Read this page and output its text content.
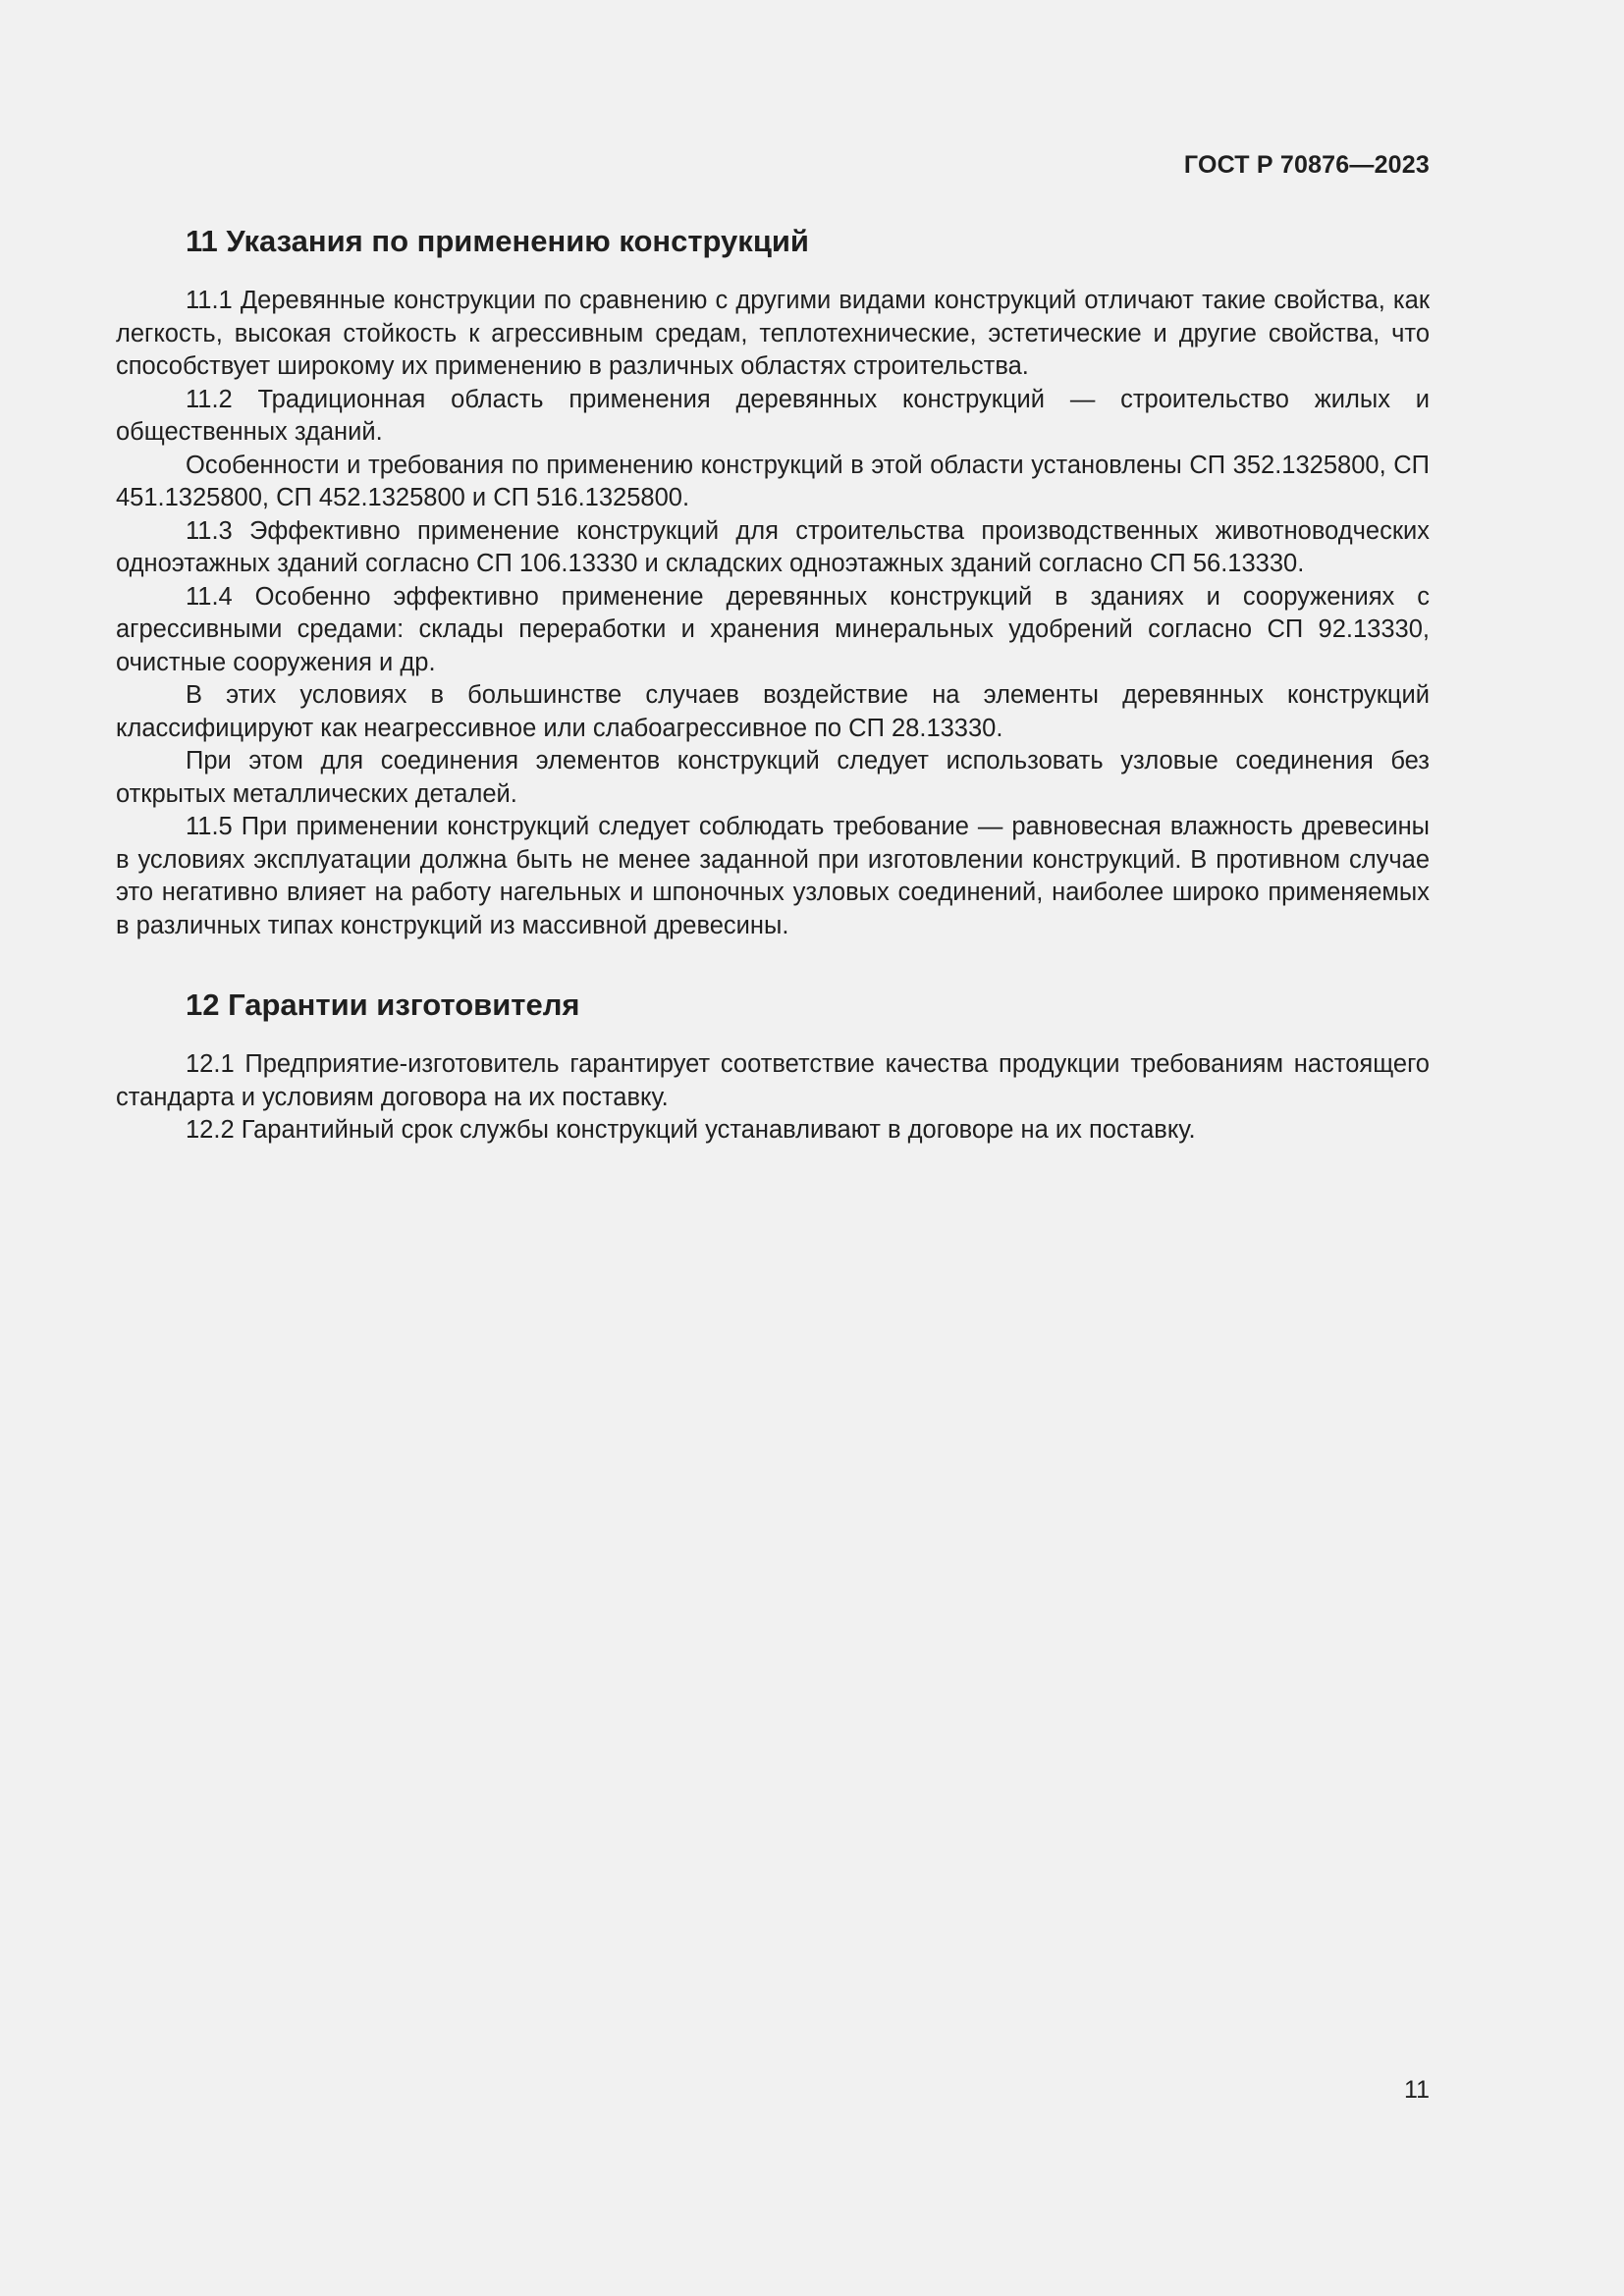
ГОСТ Р 70876—2023
11 Указания по применению конструкций

11.1 Деревянные конструкции по сравнению с другими видами конструкций отличают такие свойства, как легкость, высокая стойкость к агрессивным средам, теплотехнические, эстетические и другие свойства, что способствует широкому их применению в различных областях строительства.

11.2 Традиционная область применения деревянных конструкций — строительство жилых и общественных зданий.

Особенности и требования по применению конструкций в этой области установлены СП 352.1325800, СП 451.1325800, СП 452.1325800 и СП 516.1325800.

11.3 Эффективно применение конструкций для строительства производственных животноводческих одноэтажных зданий согласно СП 106.13330 и складских одноэтажных зданий согласно СП 56.13330.

11.4 Особенно эффективно применение деревянных конструкций в зданиях и сооружениях с агрессивными средами: склады переработки и хранения минеральных удобрений согласно СП 92.13330, очистные сооружения и др.

В этих условиях в большинстве случаев воздействие на элементы деревянных конструкций классифицируют как неагрессивное или слабоагрессивное по СП 28.13330.

При этом для соединения элементов конструкций следует использовать узловые соединения без открытых металлических деталей.

11.5 При применении конструкций следует соблюдать требование — равновесная влажность древесины в условиях эксплуатации должна быть не менее заданной при изготовлении конструкций. В противном случае это негативно влияет на работу нагельных и шпоночных узловых соединений, наиболее широко применяемых в различных типах конструкций из массивной древесины.

12 Гарантии изготовителя

12.1 Предприятие-изготовитель гарантирует соответствие качества продукции требованиям настоящего стандарта и условиям договора на их поставку.

12.2 Гарантийный срок службы конструкций устанавливают в договоре на их поставку.

11
